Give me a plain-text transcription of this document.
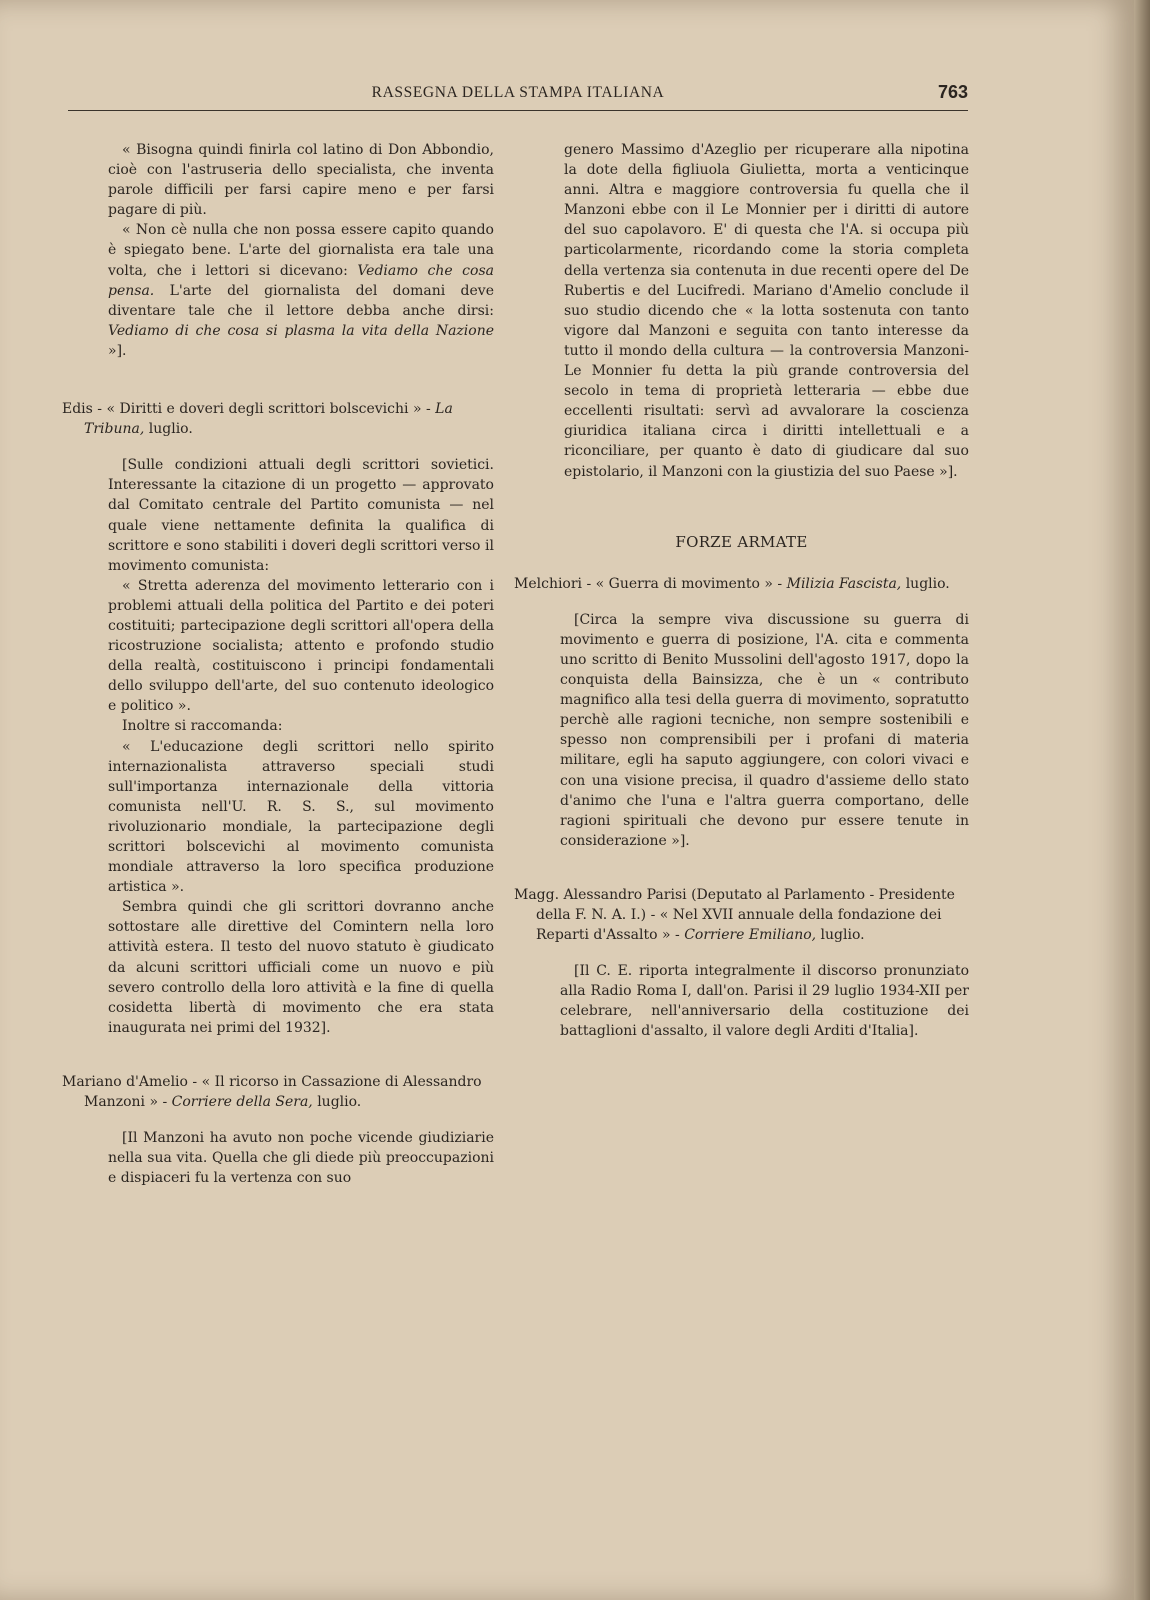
RASSEGNA DELLA STAMPA ITALIANA	763

« Bisogna quindi finirla col latino di Don Abbondio, cioè con l'astruseria dello specialista, che inventa parole difficili per farsi capire meno e per farsi pagare di più.

« Non cè nulla che non possa essere capito quando è spiegato bene. L'arte del giornalista era tale una volta, che i lettori si dicevano: Vediamo che cosa pensa. L'arte del giornalista del domani deve diventare tale che il lettore debba anche dirsi: Vediamo di che cosa si plasma la vita della Nazione »].

Edis - « Diritti e doveri degli scrittori bolscevichi » - La Tribuna, luglio.

[Sulle condizioni attuali degli scrittori sovietici. Interessante la citazione di un progetto — approvato dal Comitato centrale del Partito comunista — nel quale viene nettamente definita la qualifica di scrittore e sono stabiliti i doveri degli scrittori verso il movimento comunista:

« Stretta aderenza del movimento letterario con i problemi attuali della politica del Partito e dei poteri costituiti; partecipazione degli scrittori all'opera della ricostruzione socialista; attento e profondo studio della realtà, costituiscono i principi fondamentali dello sviluppo dell'arte, del suo contenuto ideologico e politico ».

Inoltre si raccomanda:

« L'educazione degli scrittori nello spirito internazionalista attraverso speciali studi sull'importanza internazionale della vittoria comunista nell'U. R. S. S., sul movimento rivoluzionario mondiale, la partecipazione degli scrittori bolscevichi al movimento comunista mondiale attraverso la loro specifica produzione artistica ».

Sembra quindi che gli scrittori dovranno anche sottostare alle direttive del Comintern nella loro attività estera. Il testo del nuovo statuto è giudicato da alcuni scrittori ufficiali come un nuovo e più severo controllo della loro attività e la fine di quella cosidetta libertà di movimento che era stata inaugurata nei primi del 1932].

Mariano d'Amelio - « Il ricorso in Cassazione di Alessandro Manzoni » - Corriere della Sera, luglio.

[Il Manzoni ha avuto non poche vicende giudiziarie nella sua vita. Quella che gli diede più preoccupazioni e dispiaceri fu la vertenza con suo

genero Massimo d'Azeglio per ricuperare alla nipotina la dote della figliuola Giulietta, morta a venticinque anni. Altra e maggiore controversia fu quella che il Manzoni ebbe con il Le Monnier per i diritti di autore del suo capolavoro. E' di questa che l'A. si occupa più particolarmente, ricordando come la storia completa della vertenza sia contenuta in due recenti opere del De Rubertis e del Lucifredi. Mariano d'Amelio conclude il suo studio dicendo che « la lotta sostenuta con tanto vigore dal Manzoni e seguita con tanto interesse da tutto il mondo della cultura — la controversia Manzoni-Le Monnier fu detta la più grande controversia del secolo in tema di proprietà letteraria — ebbe due eccellenti risultati: servì ad avvalorare la coscienza giuridica italiana circa i diritti intellettuali e a riconciliare, per quanto è dato di giudicare dal suo epistolario, il Manzoni con la giustizia del suo Paese »].

FORZE ARMATE

Melchiori - « Guerra di movimento » - Milizia Fascista, luglio.

[Circa la sempre viva discussione su guerra di movimento e guerra di posizione, l'A. cita e commenta uno scritto di Benito Mussolini dell'agosto 1917, dopo la conquista della Bainsizza, che è un « contributo magnifico alla tesi della guerra di movimento, sopratutto perchè alle ragioni tecniche, non sempre sostenibili e spesso non comprensibili per i profani di materia militare, egli ha saputo aggiungere, con colori vivaci e con una visione precisa, il quadro d'assieme dello stato d'animo che l'una e l'altra guerra comportano, delle ragioni spirituali che devono pur essere tenute in considerazione »].

Magg. Alessandro Parisi (Deputato al Parlamento - Presidente della F. N. A. I.) - « Nel XVII annuale della fondazione dei Reparti d'Assalto » - Corriere Emiliano, luglio.

[Il C. E. riporta integralmente il discorso pronunziato alla Radio Roma I, dall'on. Parisi il 29 luglio 1934-XII per celebrare, nell'anniversario della costituzione dei battaglioni d'assalto, il valore degli Arditi d'Italia].
